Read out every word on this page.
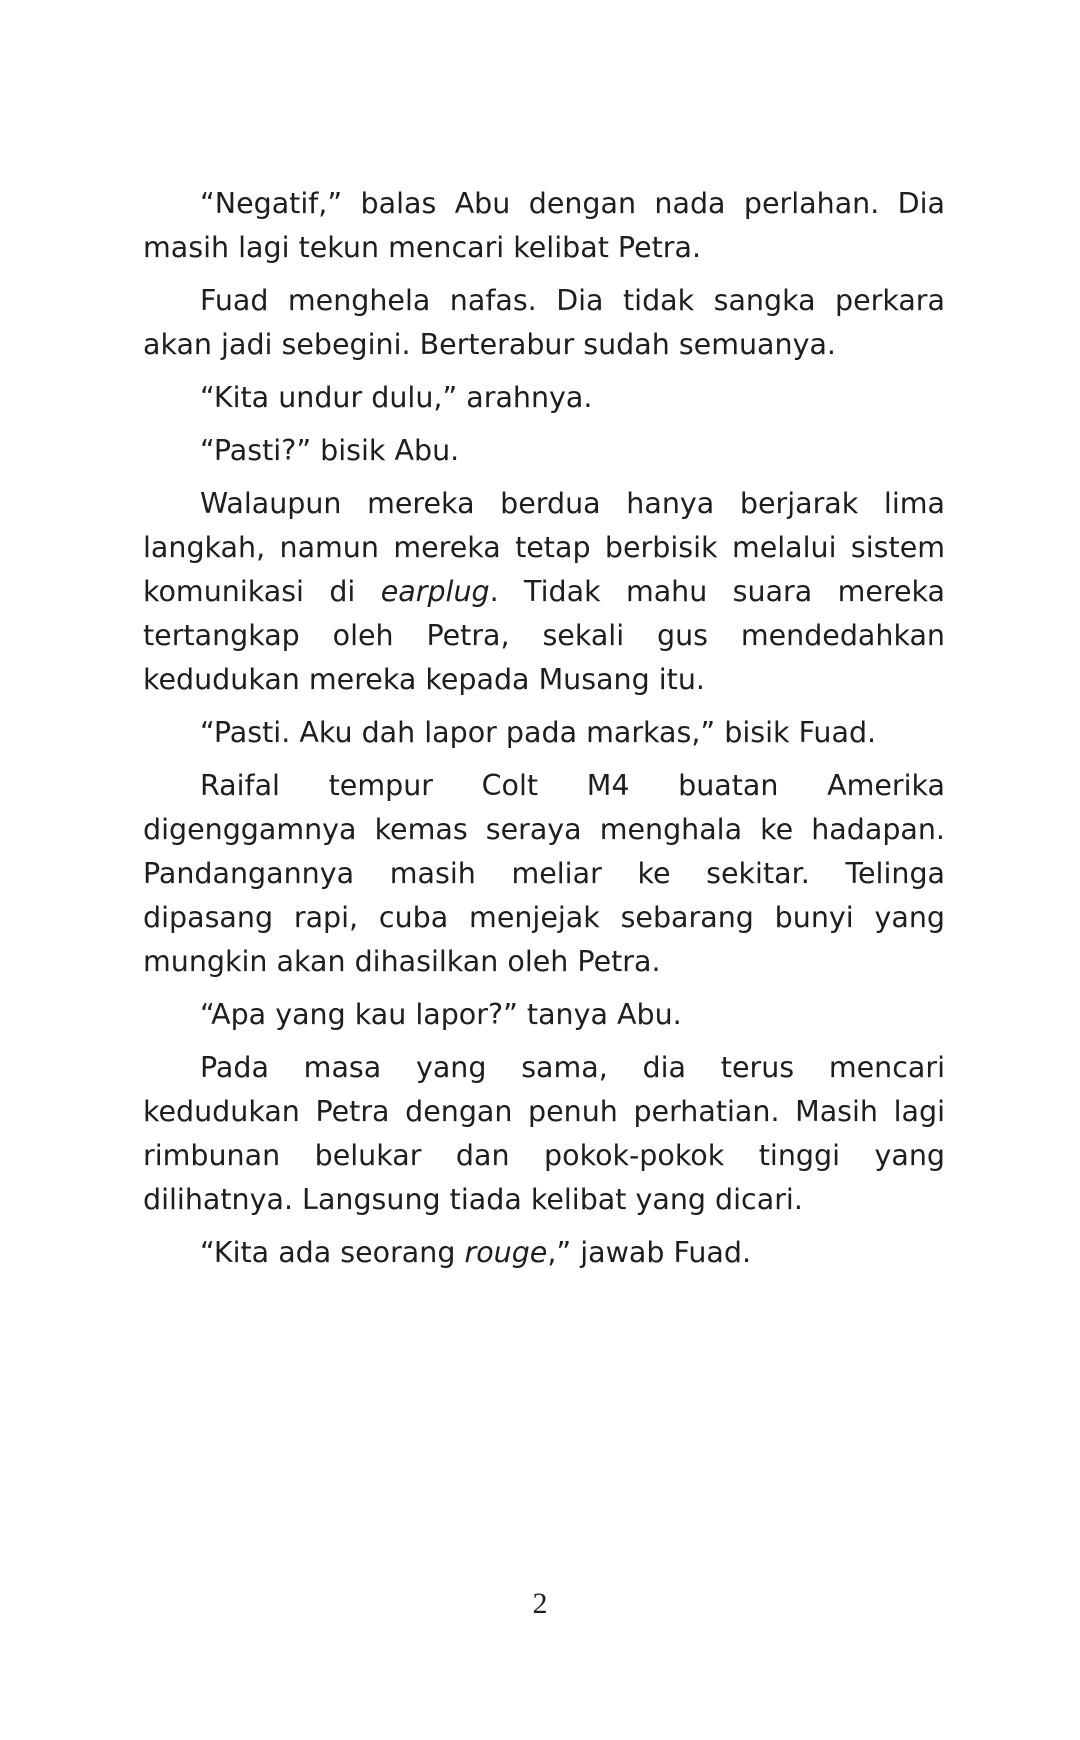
“Negatif,” balas Abu dengan nada perlahan. Dia masih lagi tekun mencari kelibat Petra.

Fuad menghela nafas. Dia tidak sangka perkara akan jadi sebegini. Berterabur sudah semuanya.

“Kita undur dulu,” arahnya.

“Pasti?” bisik Abu.

Walaupun mereka berdua hanya berjarak lima langkah, namun mereka tetap berbisik melalui sistem komunikasi di earplug. Tidak mahu suara mereka tertangkap oleh Petra, sekali gus mendedahkan kedudukan mereka kepada Musang itu.

“Pasti. Aku dah lapor pada markas,” bisik Fuad.

Raifal tempur Colt M4 buatan Amerika digenggamnya kemas seraya menghala ke hadapan. Pandangannya masih meliar ke sekitar. Telinga dipasang rapi, cuba menjejak sebarang bunyi yang mungkin akan dihasilkan oleh Petra.

“Apa yang kau lapor?” tanya Abu.

Pada masa yang sama, dia terus mencari kedudukan Petra dengan penuh perhatian. Masih lagi rimbunan belukar dan pokok-pokok tinggi yang dilihatnya. Langsung tiada kelibat yang dicari.

“Kita ada seorang rouge,” jawab Fuad.

2
